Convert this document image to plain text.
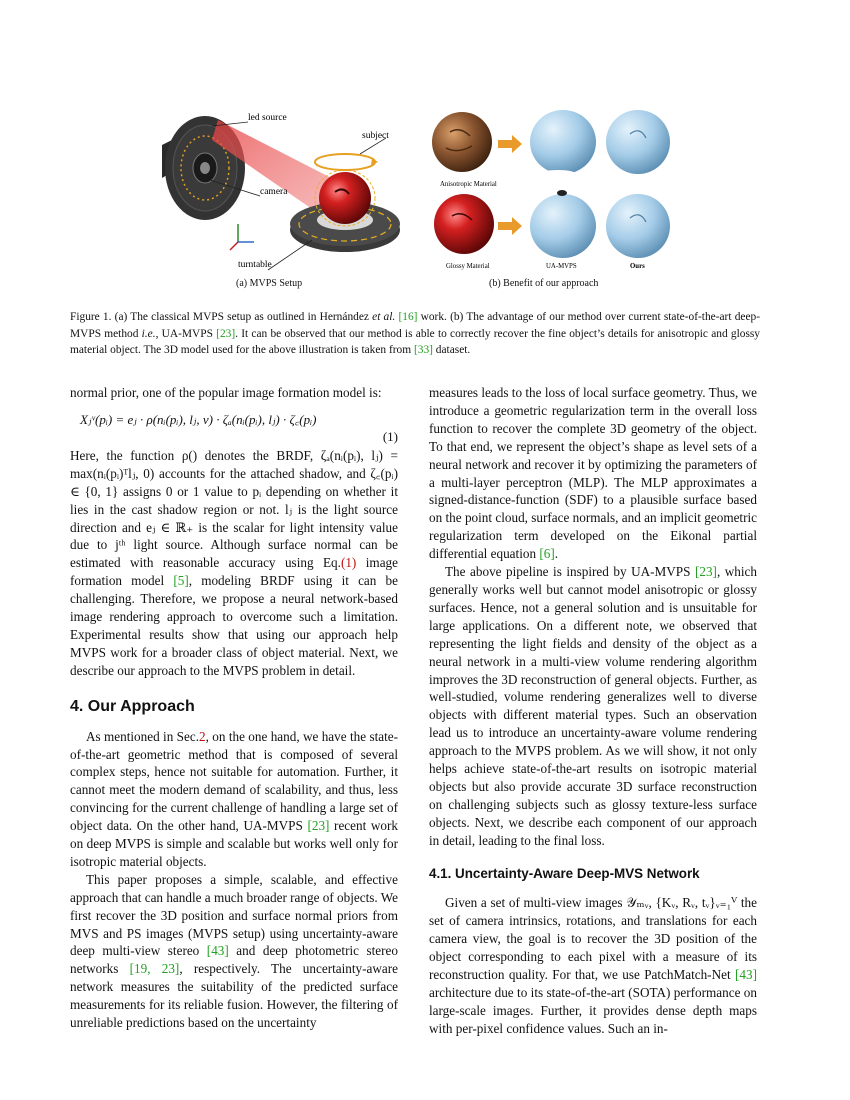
led source
subject
camera
turntable
Anisotropic Material
Glossy Material	UA-MVPS	Ours
(a) MVPS Setup	(b) Benefit of our approach
Figure 1. (a) The classical MVPS setup as outlined in Hernández et al. [16] work. (b) The advantage of our method over current state-of-the-art deep-MVPS method i.e., UA-MVPS [23]. It can be observed that our method is able to correctly recover the fine object’s details for anisotropic and glossy material object. The 3D model used for the above illustration is taken from [33] dataset.

normal prior, one of the popular image formation model is:

Xⱼᵛ(pᵢ) = eⱼ · ρ(nᵢ(pᵢ), lⱼ, v) · ζₐ(nᵢ(pᵢ), lⱼ) · ζ꜀(pᵢ)
(1)

Here, the function ρ() denotes the BRDF, ζₐ(nᵢ(pᵢ), lⱼ) = max(nᵢ(pᵢ)ᵀlⱼ, 0) accounts for the attached shadow, and ζ꜀(pᵢ) ∈ {0, 1} assigns 0 or 1 value to pᵢ depending on whether it lies in the cast shadow region or not. lⱼ is the light source direction and eⱼ ∈ ℝ₊ is the scalar for light intensity value due to jᵗʰ light source. Although surface normal can be estimated with reasonable accuracy using Eq.(1) image formation model [5], modeling BRDF using it can be challenging. Therefore, we propose a neural network-based image rendering approach to overcome such a limitation. Experimental results show that using our approach help MVPS work for a broader class of object material. Next, we describe our approach to the MVPS problem in detail.

4. Our Approach

As mentioned in Sec.2, on the one hand, we have the state-of-the-art geometric method that is composed of several complex steps, hence not suitable for automation. Further, it cannot meet the modern demand of scalability, and thus, less convincing for the current challenge of handling a large set of object data. On the other hand, UA-MVPS [23] recent work on deep MVPS is simple and scalable but works well only for isotropic material objects.

This paper proposes a simple, scalable, and effective approach that can handle a much broader range of objects. We first recover the 3D position and surface normal priors from MVS and PS images (MVPS setup) using uncertainty-aware deep multi-view stereo [43] and deep photometric stereo networks [19, 23], respectively. The uncertainty-aware network measures the suitability of the predicted surface measurements for its reliable fusion. However, the filtering of unreliable predictions based on the uncertainty

measures leads to the loss of local surface geometry. Thus, we introduce a geometric regularization term in the overall loss function to recover the complete 3D geometry of the object. To that end, we represent the object’s shape as level sets of a neural network and recover it by optimizing the parameters of a multi-layer perceptron (MLP). The MLP approximates a signed-distance-function (SDF) to a plausible surface based on the point cloud, surface normals, and an implicit geometric regularization term developed on the Eikonal partial differential equation [6].

The above pipeline is inspired by UA-MVPS [23], which generally works well but cannot model anisotropic or glossy surfaces. Hence, not a general solution and is unsuitable for large applications. On a different note, we observed that representing the light fields and density of the object as a neural network in a multi-view volume rendering algorithm improves the 3D reconstruction of general objects. Further, as well-studied, volume rendering generalizes well to diverse objects with different material types. Such an observation lead us to introduce an uncertainty-aware volume rendering approach to the MVPS problem. As we will show, it not only helps achieve state-of-the-art results on isotropic material objects but also provide accurate 3D surface reconstruction on challenging subjects such as glossy texture-less surface objects. Next, we describe each component of our approach in detail, leading to the final loss.

4.1. Uncertainty-Aware Deep-MVS Network

Given a set of multi-view images 𝒴ₘᵥ, {Kᵥ, Rᵥ, tᵥ}ᵥ₌₁ⱽ the set of camera intrinsics, rotations, and translations for each camera view, the goal is to recover the 3D position of the object corresponding to each pixel with a measure of its reconstruction quality. For that, we use PatchMatch-Net [43] architecture due to its state-of-the-art (SOTA) performance on large-scale images. Further, it provides dense depth maps with per-pixel confidence values. Such an in-
